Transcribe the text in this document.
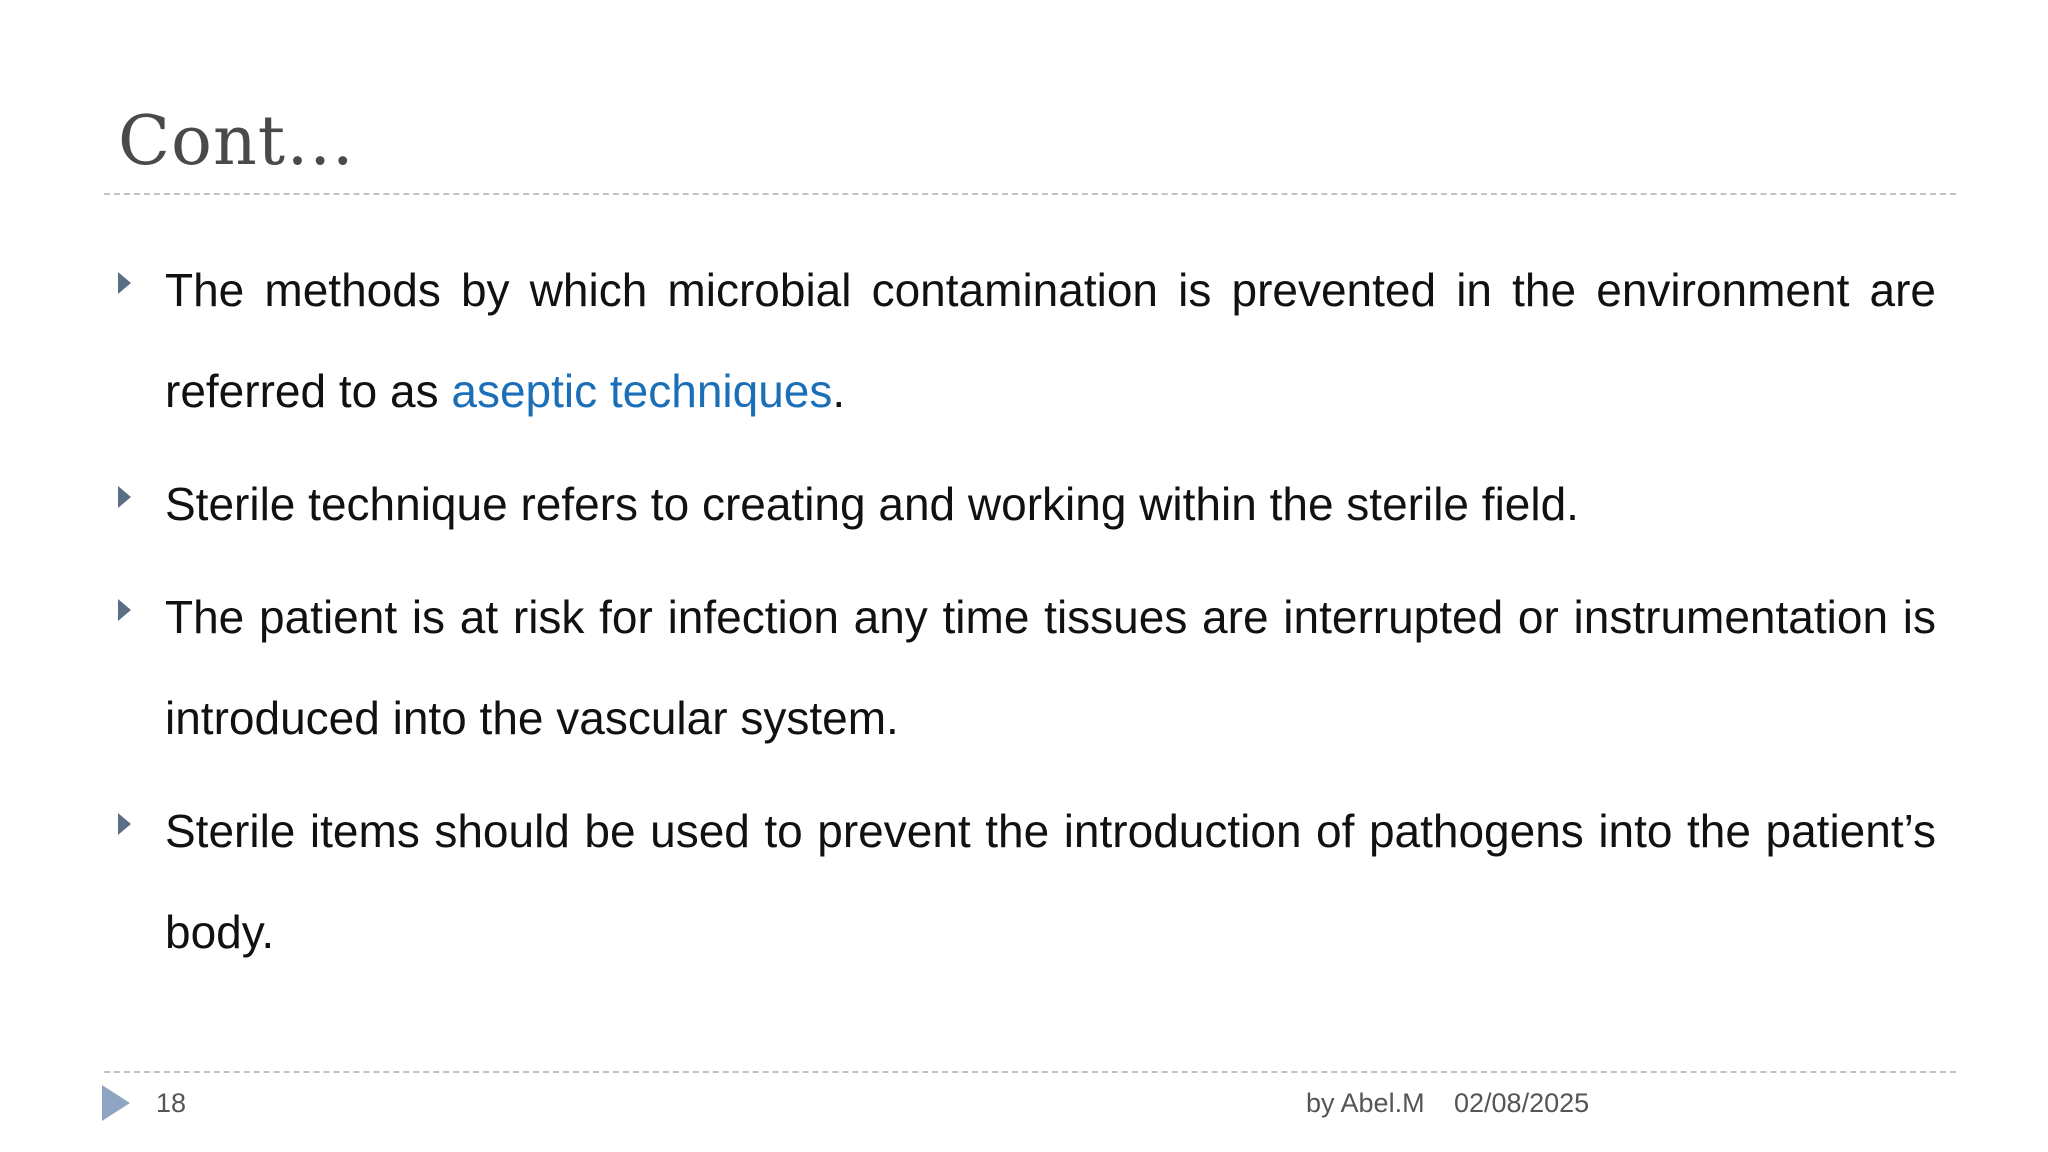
Cont…
The methods by which microbial contamination is prevented in the environment are referred to as aseptic techniques.
Sterile technique refers to creating and working within the sterile field.
The patient is at risk for infection any time tissues are interrupted or instrumentation is introduced into the vascular system.
Sterile items should be used to prevent the introduction of pathogens into the patient’s body.
18	by Abel.M 02/08/2025
